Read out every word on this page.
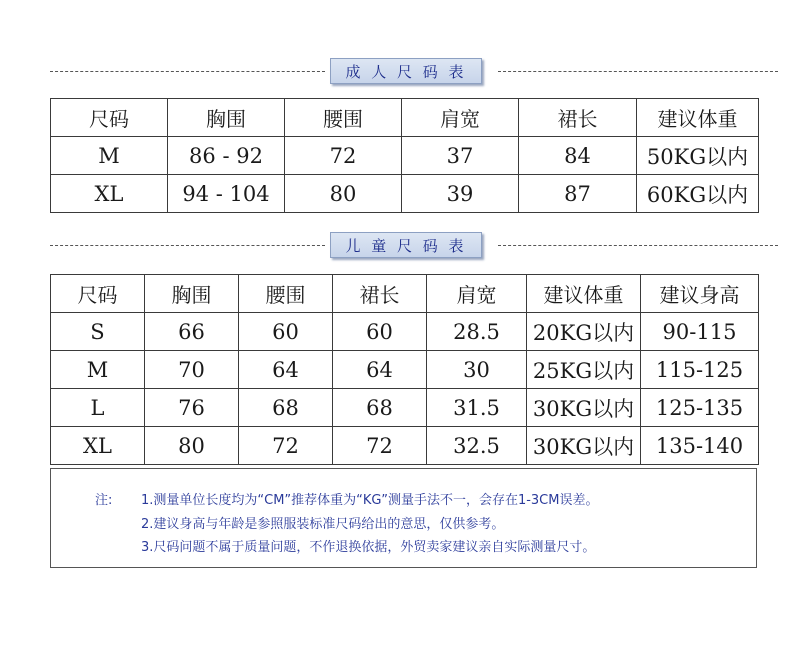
成 人 尺 码 表
尺码	胸围	腰围	肩宽	裙长	建议体重
M	86 - 92	72	37	84	50KG以内
XL	94 - 104	80	39	87	60KG以内
儿 童 尺 码 表
尺码	胸围	腰围	裙长	肩宽	建议体重	建议身高
S	66	60	60	28.5	20KG以内	90-115
M	70	64	64	30	25KG以内	115-125
L	76	68	68	31.5	30KG以内	125-135
XL	80	72	72	32.5	30KG以内	135-140
注: 1.测量单位长度均为“CM”推荐体重为“KG”测量手法不一，会存在1-3CM误差。
2.建议身高与年龄是参照服装标准尺码给出的意思，仅供参考。
3.尺码问题不属于质量问题，不作退换依据，外贸卖家建议亲自实际测量尺寸。
